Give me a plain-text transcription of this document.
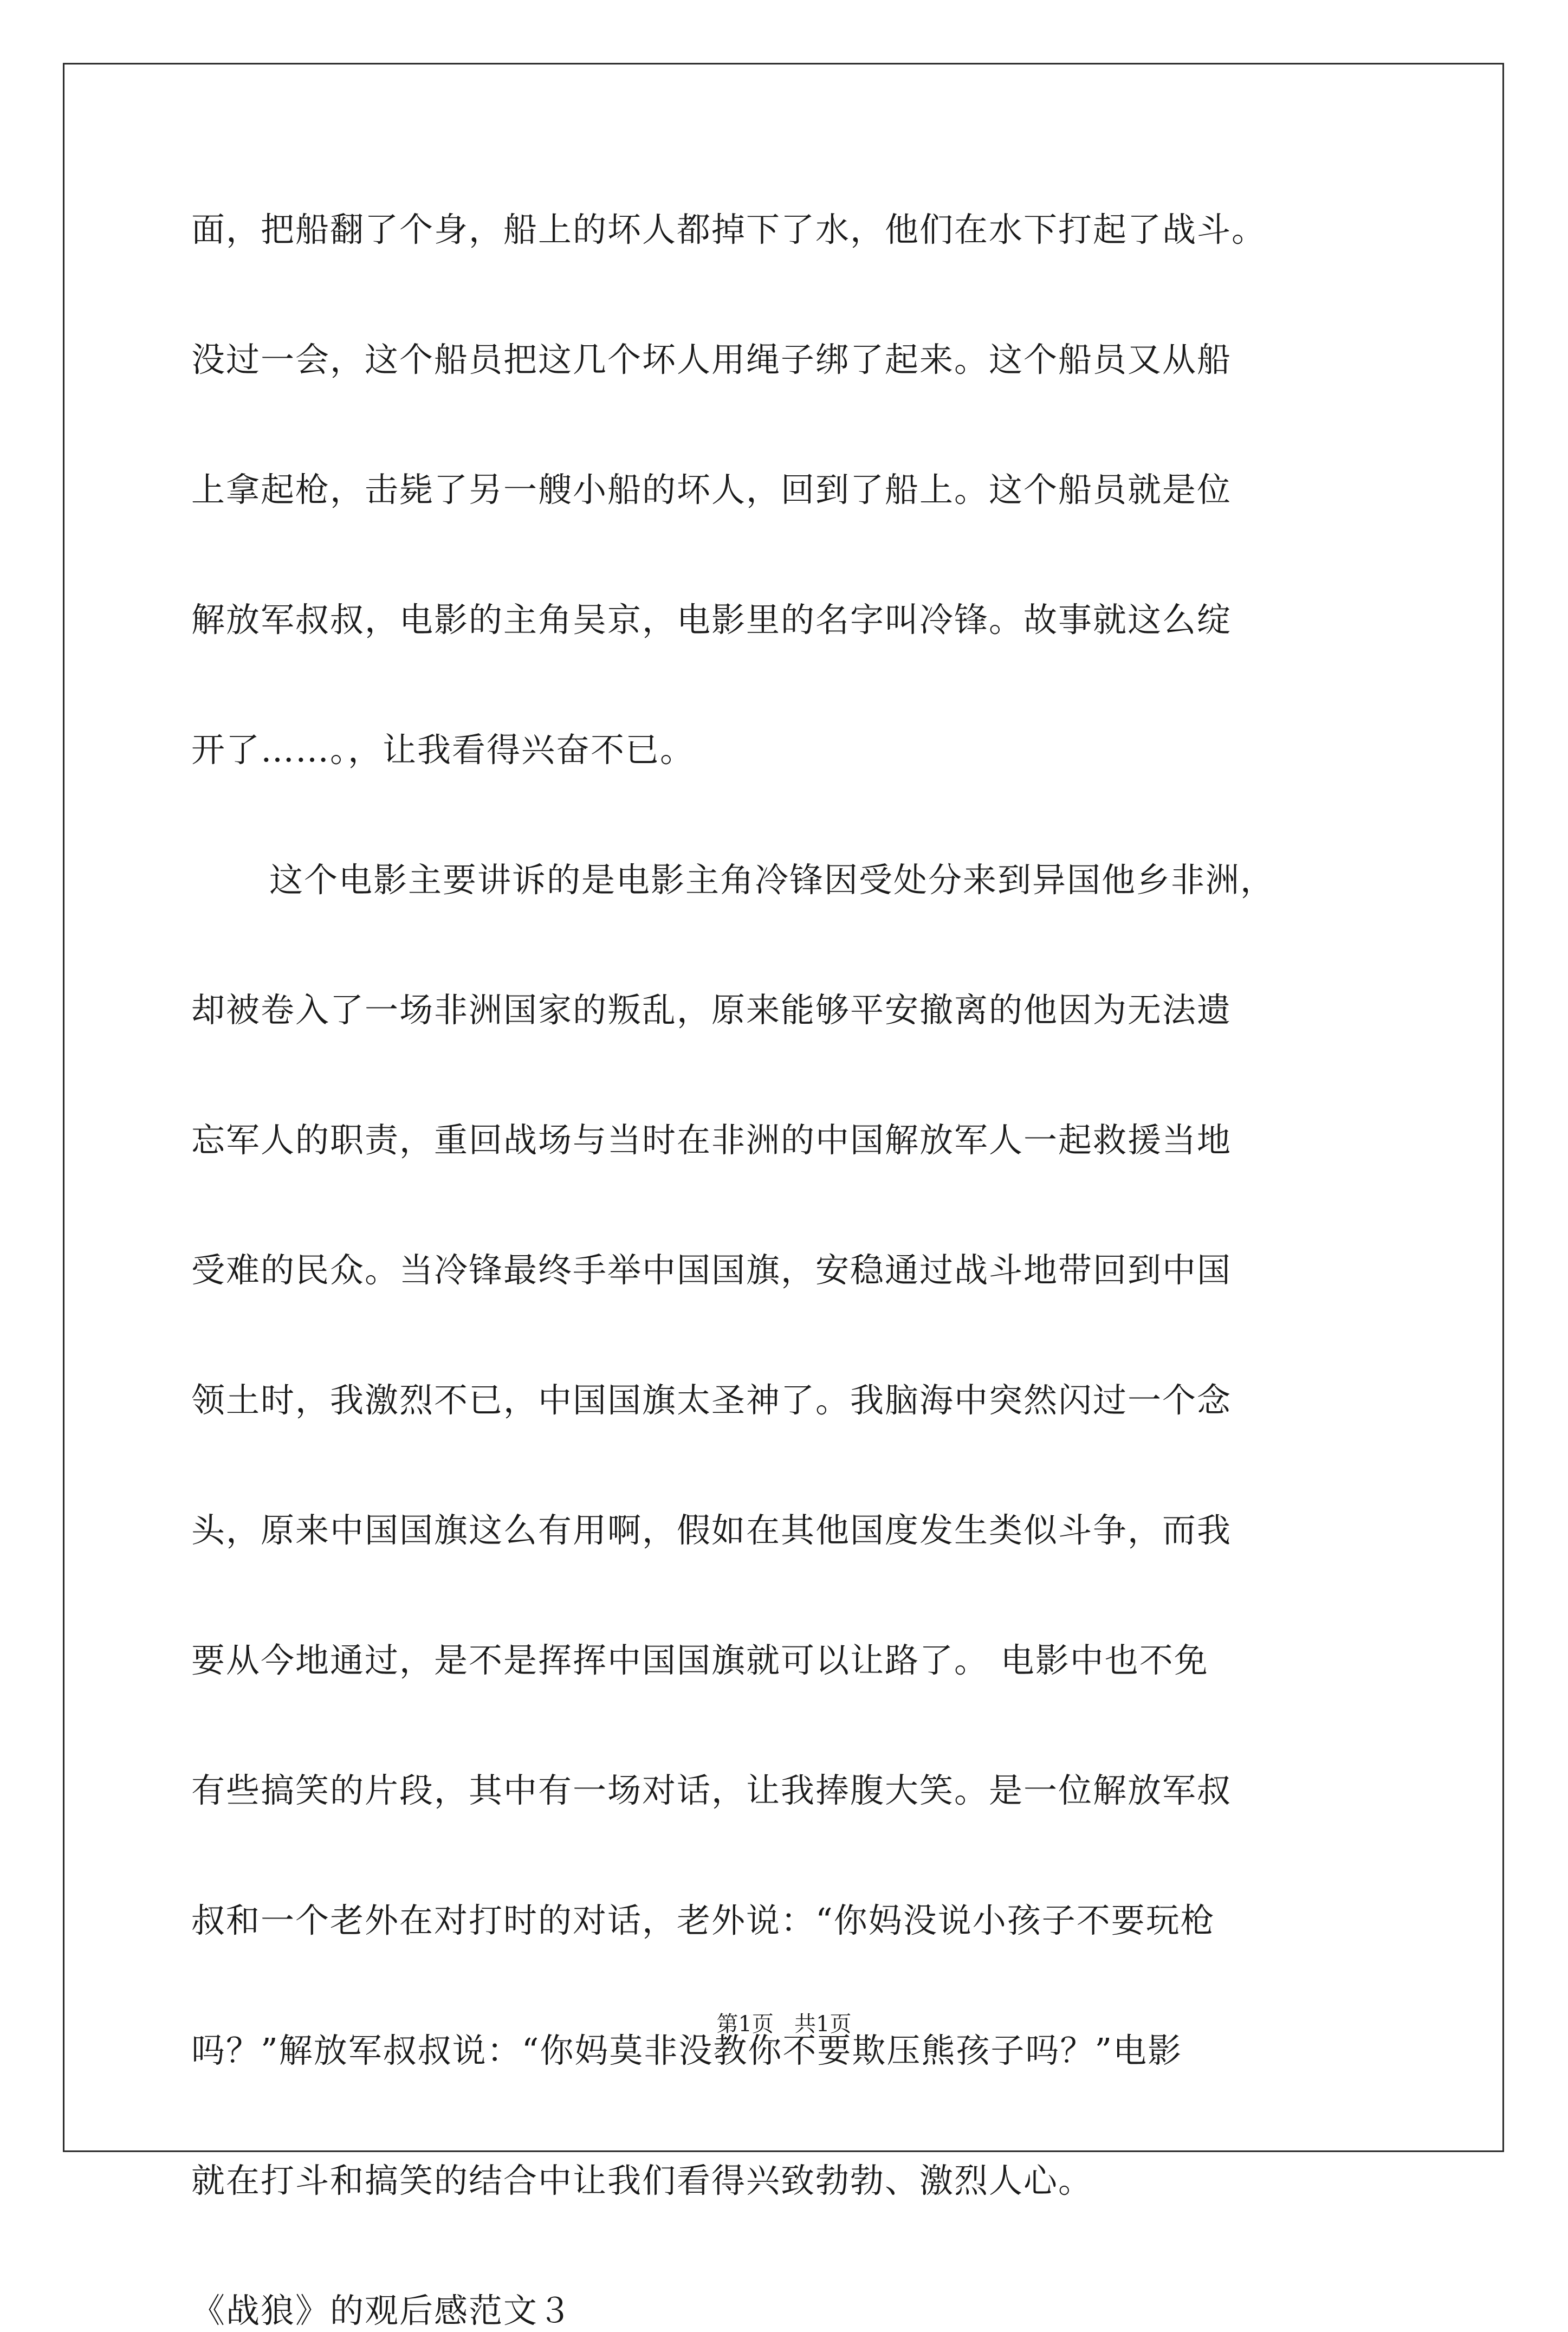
面，把船翻了个身，船上的坏人都掉下了水，他们在水下打起了战斗。
没过一会，这个船员把这几个坏人用绳子绑了起来。这个船员又从船
上拿起枪，击毙了另一艘小船的坏人，回到了船上。这个船员就是位
解放军叔叔，电影的主角吴京，电影里的名字叫冷锋。故事就这么绽
开了……。，让我看得兴奋不已。
这个电影主要讲诉的是电影主角冷锋因受处分来到异国他乡非洲，
却被卷入了一场非洲国家的叛乱，原来能够平安撤离的他因为无法遗
忘军人的职责，重回战场与当时在非洲的中国解放军人一起救援当地
受难的民众。当冷锋最终手举中国国旗，安稳通过战斗地带回到中国
领土时，我激烈不已，中国国旗太圣神了。我脑海中突然闪过一个念
头，原来中国国旗这么有用啊，假如在其他国度发生类似斗争，而我
要从今地通过，是不是挥挥中国国旗就可以让路了。 电影中也不免
有些搞笑的片段，其中有一场对话，让我捧腹大笑。是一位解放军叔
叔和一个老外在对打时的对话，老外说：“你妈没说小孩子不要玩枪
吗？”解放军叔叔说：“你妈莫非没教你不要欺压熊孩子吗？”电影
就在打斗和搞笑的结合中让我们看得兴致勃勃、激烈人心。
《战狼》的观后感范文３
第1页   共1页
